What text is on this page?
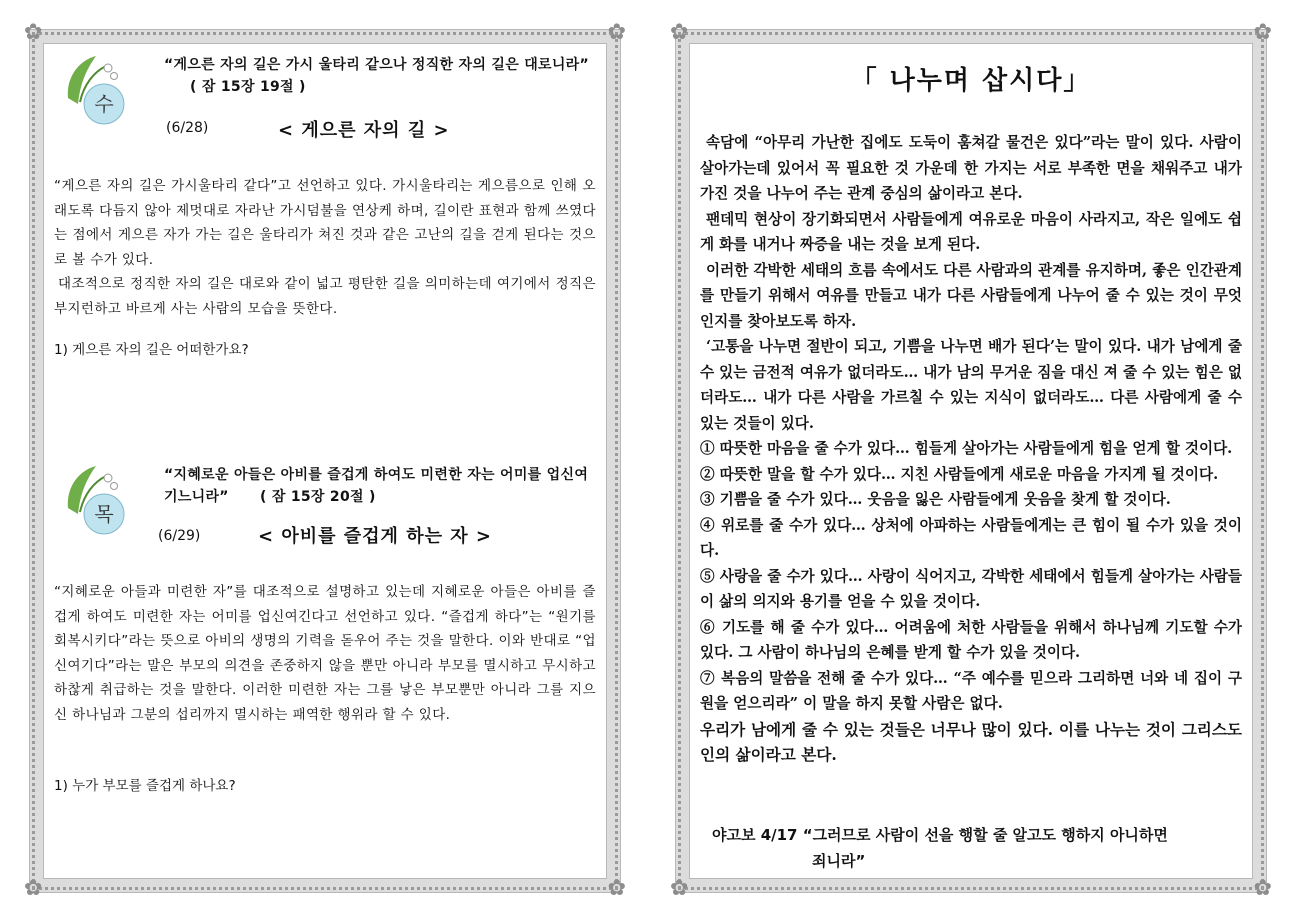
✿	✿
✿	✿
수
“게으른 자의 길은 가시 울타리 같으나 정직한 자의 길은 대로니라” ( 잠 15장 19절 )
(6/28)	< 게으른 자의 길 >
“게으른 자의 길은 가시울타리 같다”고 선언하고 있다. 가시울타리는 게으름으로 인해 오래도록 다듬지 않아 제멋대로 자라난 가시덤불을 연상케 하며, 길이란 표현과 함께 쓰였다는 점에서 게으른 자가 가는 길은 울타리가 쳐진 것과 같은 고난의 길을 걷게 된다는 것으로 볼 수가 있다.
대조적으로 정직한 자의 길은 대로와 같이 넓고 평탄한 길을 의미하는데 여기에서 정직은 부지런하고 바르게 사는 사람의 모습을 뜻한다.
1) 게으른 자의 길은 어떠한가요?
목
“지혜로운 아들은 아비를 즐겁게 하여도 미련한 자는 어미를 업신여기느니라” ( 잠 15장 20절 )
(6/29)	< 아비를 즐겁게 하는 자 >
“지혜로운 아들과 미련한 자”를 대조적으로 설명하고 있는데 지혜로운 아들은 아비를 즐겁게 하여도 미련한 자는 어미를 업신여긴다고 선언하고 있다. “즐겁게 하다”는 “원기를 회복시키다”라는 뜻으로 아비의 생명의 기력을 돋우어 주는 것을 말한다. 이와 반대로 “업신여기다”라는 말은 부모의 의견을 존중하지 않을 뿐만 아니라 부모를 멸시하고 무시하고 하찮게 취급하는 것을 말한다. 이러한 미련한 자는 그를 낳은 부모뿐만 아니라 그를 지으신 하나님과 그분의 섭리까지 멸시하는 패역한 행위라 할 수 있다.
1) 누가 부모를 즐겁게 하나요?
✿	✿
✿	✿
「 나누며 삽시다」

속담에 “아무리 가난한 집에도 도둑이 훔쳐갈 물건은 있다”라는 말이 있다. 사람이 살아가는데 있어서 꼭 필요한 것 가운데 한 가지는 서로 부족한 면을 채워주고 내가 가진 것을 나누어 주는 관계 중심의 삶이라고 본다.

팬데믹 현상이 장기화되면서 사람들에게 여유로운 마음이 사라지고, 작은 일에도 쉽게 화를 내거나 짜증을 내는 것을 보게 된다.

이러한 각박한 세태의 흐름 속에서도 다른 사람과의 관계를 유지하며, 좋은 인간관계를 만들기 위해서 여유를 만들고 내가 다른 사람들에게 나누어 줄 수 있는 것이 무엇인지를 찾아보도록 하자.

‘고통을 나누면 절반이 되고, 기쁨을 나누면 배가 된다’는 말이 있다. 내가 남에게 줄 수 있는 금전적 여유가 없더라도… 내가 남의 무거운 짐을 대신 져 줄 수 있는 힘은 없더라도… 내가 다른 사람을 가르칠 수 있는 지식이 없더라도… 다른 사람에게 줄 수 있는 것들이 있다.

① 따뜻한 마음을 줄 수가 있다… 힘들게 살아가는 사람들에게 힘을 얻게 할 것이다.

② 따뜻한 말을 할 수가 있다… 지친 사람들에게 새로운 마음을 가지게 될 것이다.

③ 기쁨을 줄 수가 있다… 웃음을 잃은 사람들에게 웃음을 찾게 할 것이다.

④ 위로를 줄 수가 있다… 상처에 아파하는 사람들에게는 큰 힘이 될 수가 있을 것이다.

⑤ 사랑을 줄 수가 있다… 사랑이 식어지고, 각박한 세태에서 힘들게 살아가는 사람들이 삶의 의지와 용기를 얻을 수 있을 것이다.

⑥ 기도를 해 줄 수가 있다… 어려움에 처한 사람들을 위해서 하나님께 기도할 수가 있다. 그 사람이 하나님의 은혜를 받게 할 수가 있을 것이다.

⑦ 복음의 말씀을 전해 줄 수가 있다… “주 예수를 믿으라 그리하면 너와 네 집이 구원을 얻으리라” 이 말을 하지 못할 사람은 없다.

우리가 남에게 줄 수 있는 것들은 너무나 많이 있다. 이를 나누는 것이 그리스도인의 삶이라고 본다.

야고보 4/17 “그러므로 사람이 선을 행할 줄 알고도 행하지 아니하면
죄니라”
